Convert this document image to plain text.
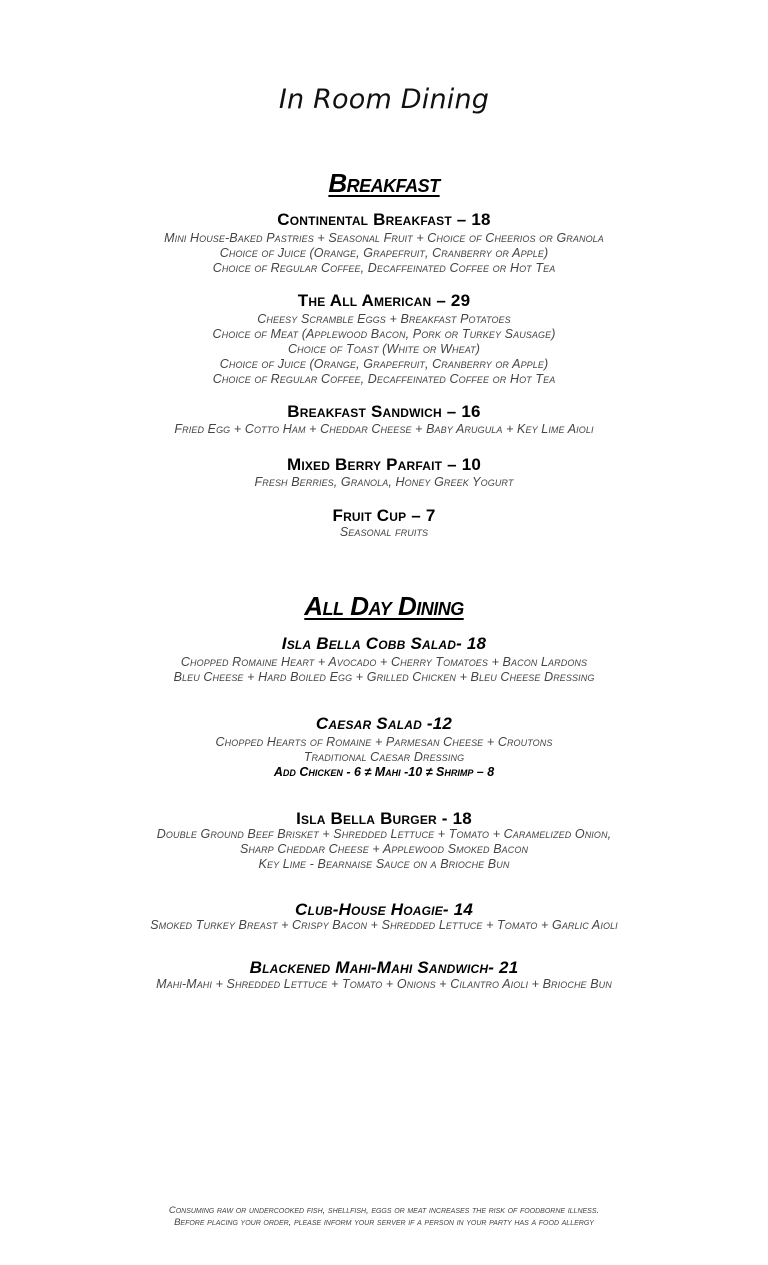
In Room Dining
Breakfast
Continental Breakfast – 18
Mini House-Baked Pastries + Seasonal Fruit + Choice of Cheerios or Granola
Choice of Juice (Orange, Grapefruit, Cranberry or Apple)
Choice of Regular Coffee, Decaffeinated Coffee or Hot Tea
The All American – 29
Cheesy Scramble Eggs + Breakfast Potatoes
Choice of Meat (Applewood Bacon, Pork or Turkey Sausage)
Choice of Toast (White or Wheat)
Choice of Juice (Orange, Grapefruit, Cranberry or Apple)
Choice of Regular Coffee, Decaffeinated Coffee or Hot Tea
Breakfast Sandwich – 16
Fried Egg + Cotto Ham + Cheddar Cheese + Baby Arugula + Key Lime Aioli
Mixed Berry Parfait – 10
Fresh Berries, Granola, Honey Greek Yogurt
Fruit Cup – 7
Seasonal fruits
All Day Dining
Isla Bella Cobb Salad- 18
Chopped Romaine Heart + Avocado + Cherry Tomatoes + Bacon Lardons
Bleu Cheese + Hard Boiled Egg + Grilled Chicken + Bleu Cheese Dressing
Caesar Salad -12
Chopped Hearts of Romaine + Parmesan Cheese + Croutons
Traditional Caesar Dressing
Add Chicken - 6 ≠ Mahi -10 ≠ Shrimp – 8
Isla Bella Burger - 18
Double Ground Beef Brisket + Shredded Lettuce + Tomato + Caramelized Onion,
Sharp Cheddar Cheese + Applewood Smoked Bacon
Key Lime - Bearnaise Sauce on a Brioche Bun
Club-House Hoagie- 14
Smoked Turkey Breast + Crispy Bacon + Shredded Lettuce + Tomato + Garlic Aioli
Blackened Mahi-Mahi Sandwich- 21
Mahi-Mahi + Shredded Lettuce + Tomato + Onions + Cilantro Aioli + Brioche Bun
Consuming raw or undercooked fish, shellfish, eggs or meat increases the risk of foodborne illness.
Before placing your order, please inform your server if a person in your party has a food allergy
